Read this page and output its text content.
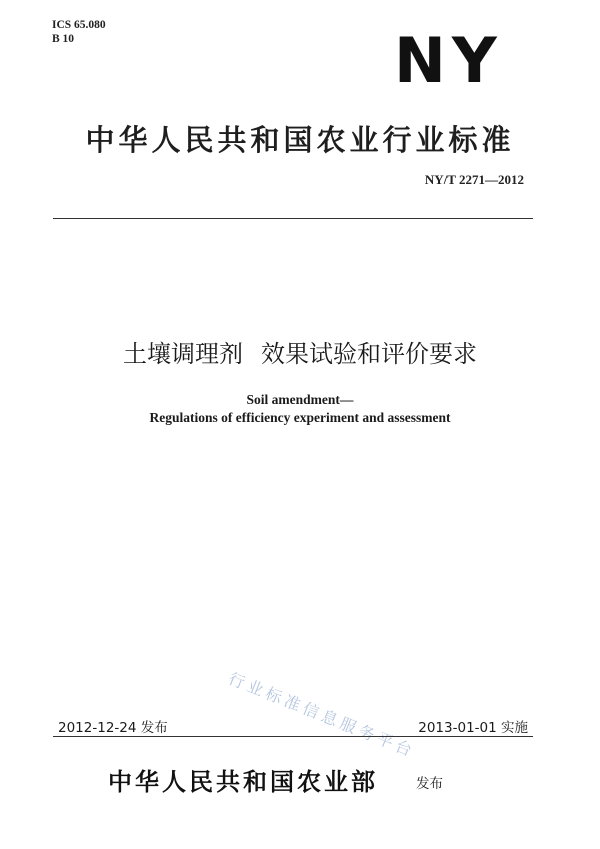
ICS 65.080
B 10	NY
中华人民共和国农业行业标准
NY/T 2271—2012
土壤调理剂 效果试验和评价要求
Soil amendment—
Regulations of efficiency experiment and assessment
行业标准信息服务平台
2012-12-24 发布	2013-01-01 实施
中华人民共和国农业部	发布
